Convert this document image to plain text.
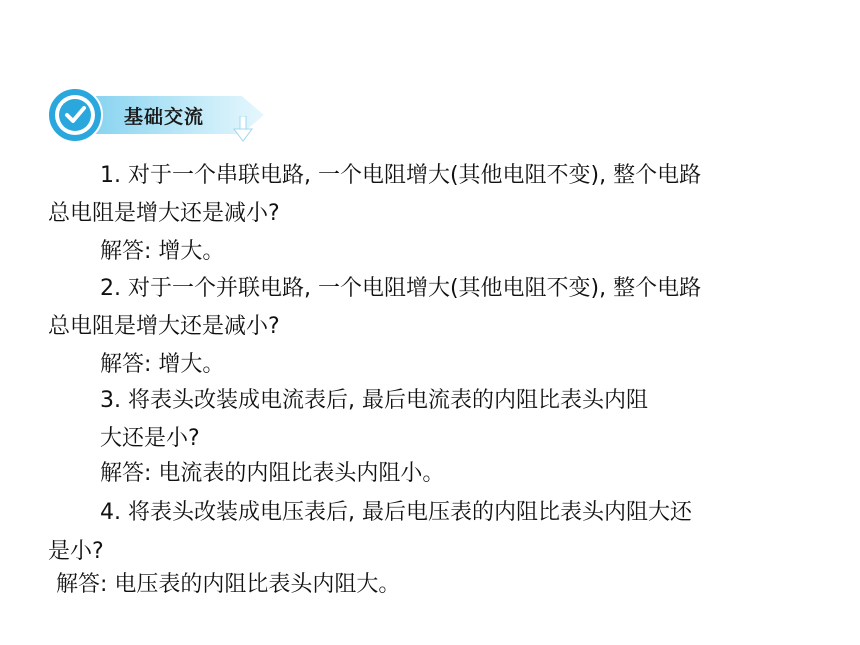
基础交流
1. 对于一个串联电路, 一个电阻增大(其他电阻不变), 整个电路
总电阻是增大还是减小?
解答: 增大。
2. 对于一个并联电路, 一个电阻增大(其他电阻不变), 整个电路
总电阻是增大还是减小?
解答: 增大。
3. 将表头改装成电流表后, 最后电流表的内阻比表头内阻
大还是小?
解答: 电流表的内阻比表头内阻小。
4. 将表头改装成电压表后, 最后电压表的内阻比表头内阻大还
是小?
解答: 电压表的内阻比表头内阻大。
